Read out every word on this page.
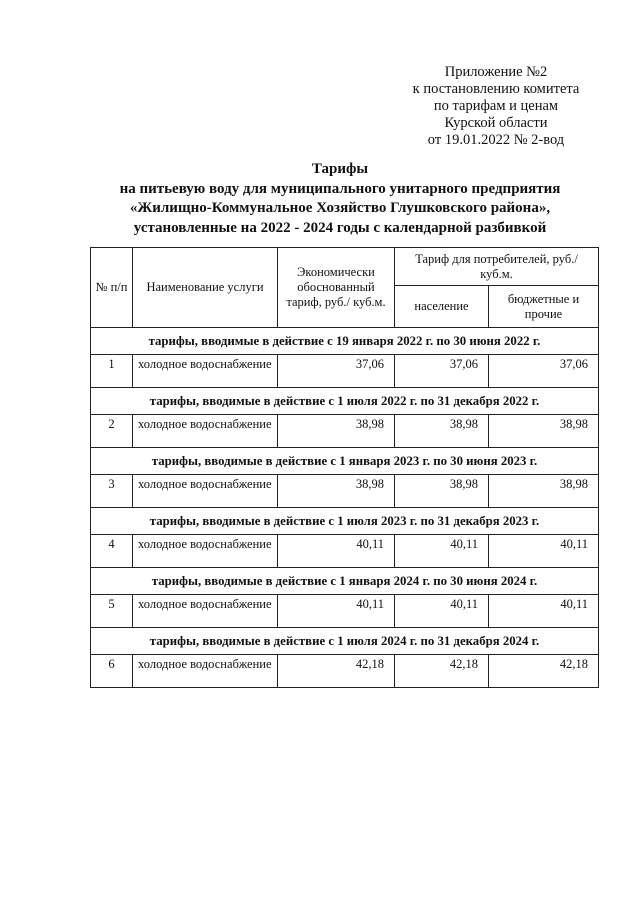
Приложение №2
к постановлению комитета
по тарифам и ценам
Курской области
от 19.01.2022 № 2-вод
Тарифы
на питьевую воду для муниципального унитарного предприятия
«Жилищно-Коммунальное Хозяйство Глушковского района»,
установленные на 2022 - 2024 годы с календарной разбивкой
№ п/п	Наименование услуги	Экономически обоснованный тариф, руб./ куб.м.	Тариф для потребителей, руб./куб.м.	
			население	бюджетные и прочие
тарифы, вводимые в действие с 19 января 2022 г. по 30 июня 2022 г.				
1	холодное водоснабжение	37,06	37,06	37,06
тарифы, вводимые в действие с 1 июля 2022 г. по 31 декабря 2022 г.				
2	холодное водоснабжение	38,98	38,98	38,98
тарифы, вводимые в действие с 1 января 2023 г. по 30 июня 2023 г.				
3	холодное водоснабжение	38,98	38,98	38,98
тарифы, вводимые в действие с 1 июля 2023 г. по 31 декабря 2023 г.				
4	холодное водоснабжение	40,11	40,11	40,11
тарифы, вводимые в действие с 1 января 2024 г. по 30 июня 2024 г.				
5	холодное водоснабжение	40,11	40,11	40,11
тарифы, вводимые в действие с 1 июля 2024 г. по 31 декабря 2024 г.				
6	холодное водоснабжение	42,18	42,18	42,18
